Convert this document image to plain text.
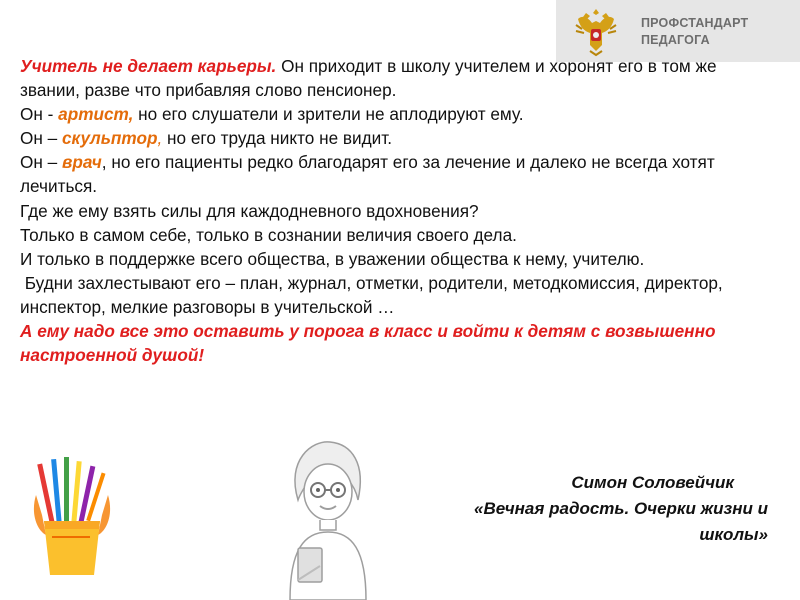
ПРОФСТАНДАРТ
ПЕДАГОГА

Учитель не делает карьеры. Он приходит в школу учителем и хоронят его в том же звании, разве что прибавляя слово пенсионер.

Он - артист, но его слушатели и зрители не аплодируют ему.

Он – скульптор, но его труда никто не видит.

Он – врач, но его пациенты редко благодарят его за лечение и далеко не всегда хотят лечиться.

Где же ему взять силы для каждодневного вдохновения?

Только в самом себе, только в сознании величия своего дела.

И только в поддержке всего общества, в уважении общества к нему, учителю.

Будни захлестывают его – план, журнал, отметки, родители, методкомиссия, директор, инспектор, мелкие разговоры в учительской …

А ему надо все это оставить у порога в класс и войти к детям с возвышенно настроенной душой!

Симон Соловейчик
«Вечная радость. Очерки жизни и
школы»
